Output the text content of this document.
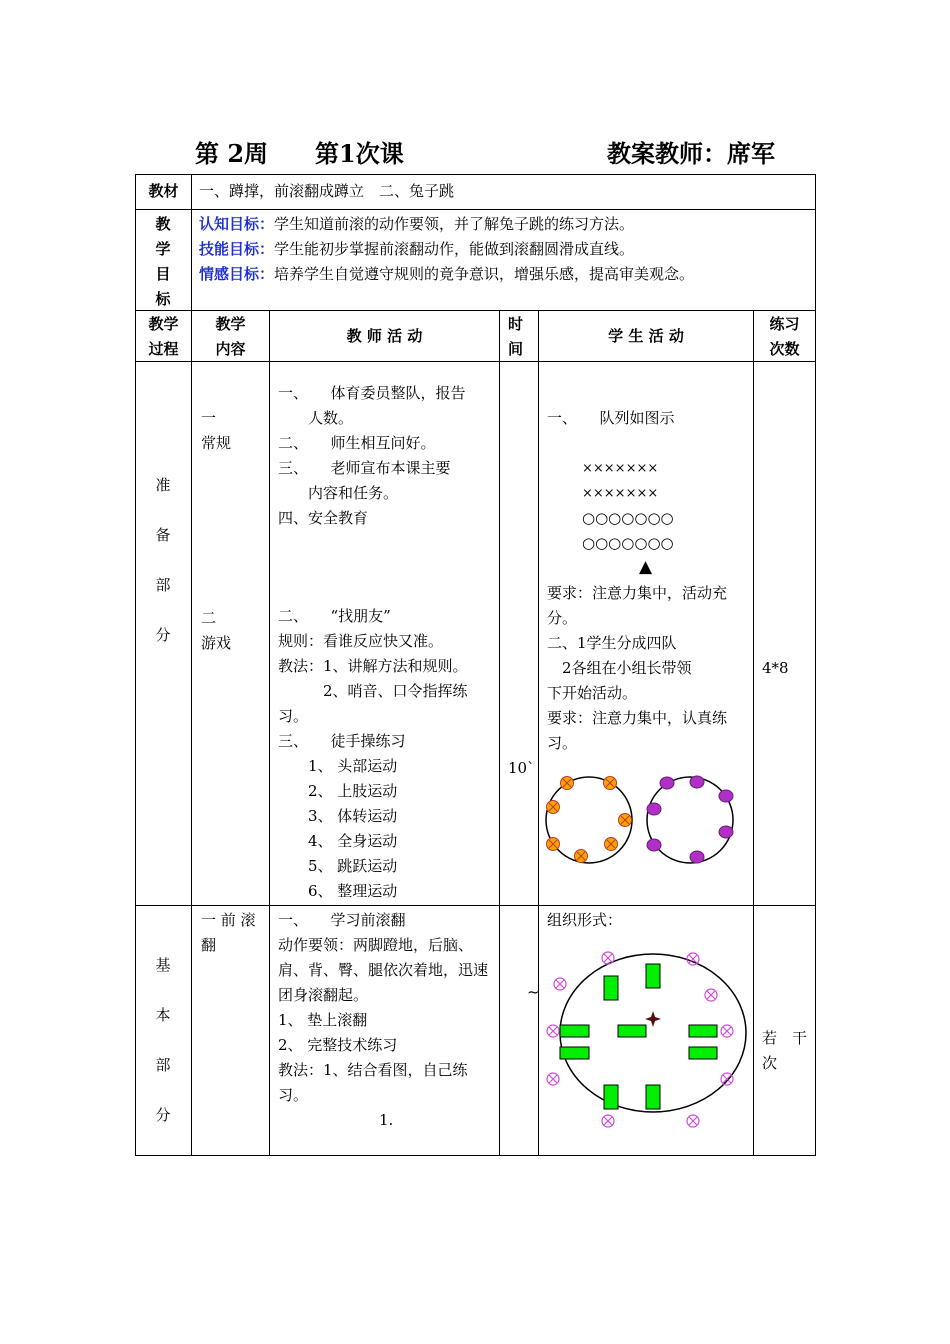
第 2周 第1次课	教案教师：席军
教材	一、蹲撑，前滚翻成蹲立　二、兔子跳
教
学
目
标
认知目标：学生知道前滚的动作要领，并了解兔子跳的练习方法。
技能目标：学生能初步掌握前滚翻动作，能做到滚翻圆滑成直线。
情感目标：培养学生自觉遵守规则的竟争意识，增强乐感，提高审美观念。
教学
过程
教学
内容
教 师 活 动
时
间
学 生 活 动
练习
次数
准
备
部
分
一
常规
二
游戏
一、　　体育委员整队，报告
　　人数。
二、　　师生相互问好。
三、　　老师宣布本课主要
　　内容和任务。
四、安全教育
二、　　“找朋友”
规则：看谁反应快又准。
教法：1、讲解方法和规则。
　　　2、哨音、口令指挥练
习。
三、　　徒手操练习
　　1、 头部运动
　　2、 上肢运动
　　3、 体转运动
　　4、 全身运动
　　5、 跳跃运动
　　6、 整理运动
10`
一、　　队列如图示
×××××××
×××××××
○○○○○○○
○○○○○○○
▲
要求：注意力集中，活动充
分。
二、1学生分成四队
　2各组在小组长带领
下开始活动。
要求：注意力集中，认真练
习。
4*8
基
本
部
分
一 前 滚
翻
一、　　学习前滚翻
动作要领：两脚蹬地，后脑、
肩、背、臀、腿依次着地，迅速
团身滚翻起。
1、 垫上滚翻
2、 完整技术练习
教法：1、结合看图，自己练
习。
1.
~
组织形式：
若　干
次
